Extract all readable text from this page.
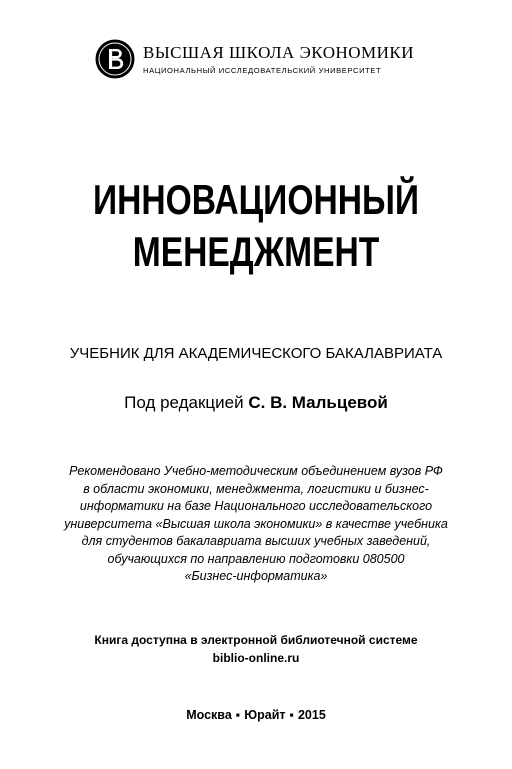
ВЫСШАЯ ШКОЛА ЭКОНОМИКИ
НАЦИОНАЛЬНЫЙ ИССЛЕДОВАТЕЛЬСКИЙ УНИВЕРСИТЕТ
ИННОВАЦИОННЫЙ
МЕНЕДЖМЕНТ
УЧЕБНИК ДЛЯ АКАДЕМИЧЕСКОГО БАКАЛАВРИАТА
Под редакцией С. В. Мальцевой
Рекомендовано Учебно-методическим объединением вузов РФ
в области экономики, менеджмента, логистики и бизнес-
информатики на базе Национального исследовательского
университета «Высшая школа экономики» в качестве учебника
для студентов бакалавриата высших учебных заведений,
обучающихся по направлению подготовки 080500
«Бизнес-информатика»
Книга доступна в электронной библиотечной системе
biblio-online.ru
Москва ▪ Юрайт ▪ 2015
